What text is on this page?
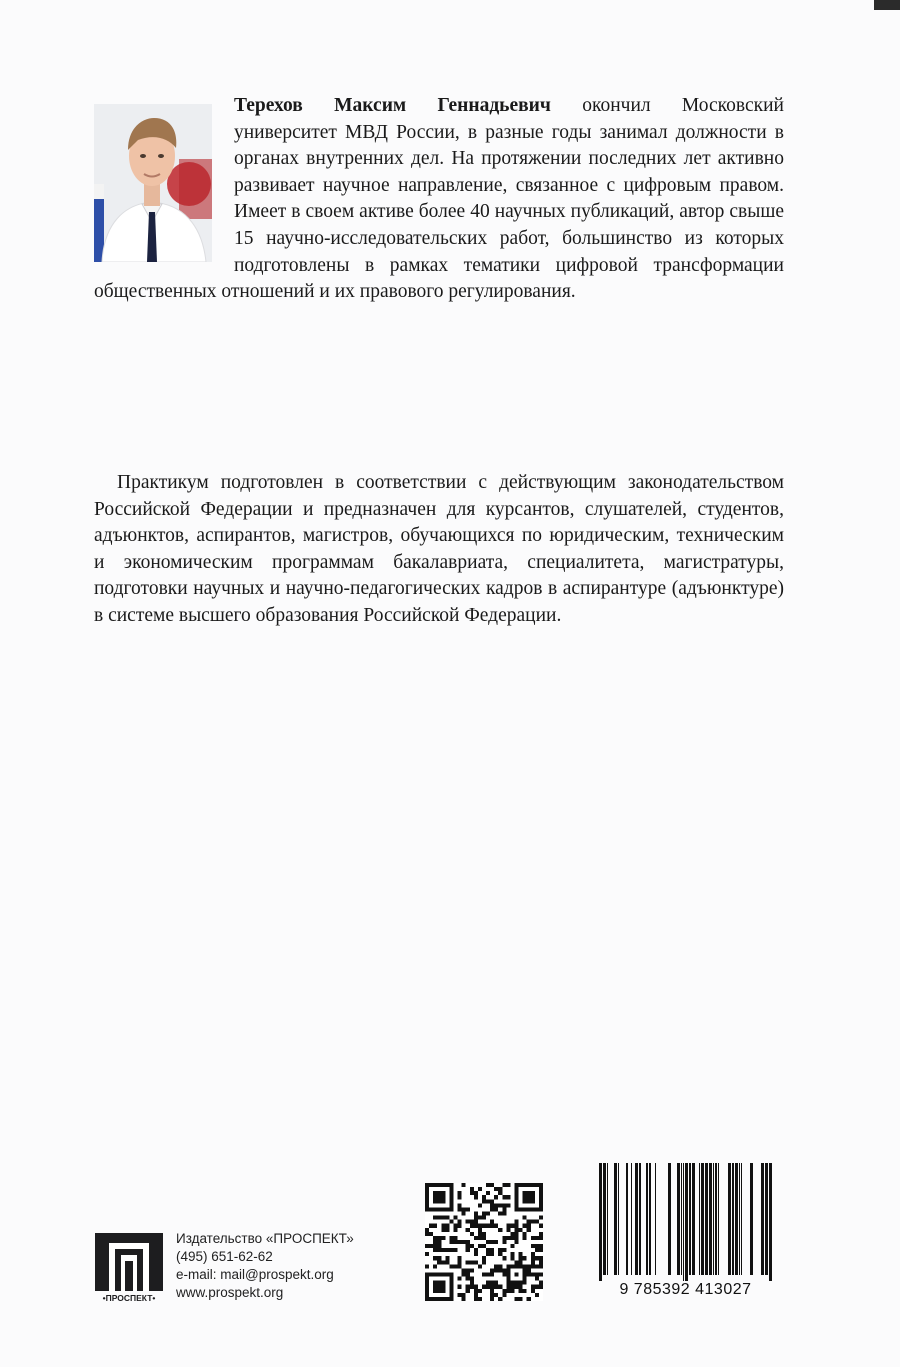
Терехов Максим Геннадьевич окончил Московский университет МВД России, в разные годы занимал должности в органах внутренних дел. На протяжении последних лет активно развивает научное направление, связанное с цифровым правом. Имеет в своем активе более 40 научных публикаций, автор свыше 15 научно-исследовательских работ, большинство из которых подготовлены в рамках тематики цифровой трансформации общественных отношений и их правового регулирования.

Практикум подготовлен в соответствии с действующим законодательством Российской Федерации и предназначен для курсантов, слушателей, студентов, адъюнктов, аспирантов, магистров, обучающихся по юридическим, техническим и экономическим программам бакалавриата, специалитета, магистратуры, подготовки научных и научно-педагогических кадров в аспирантуре (адъюнктуре) в системе высшего образования Российской Федерации.

•ПРОСПЕКТ•
Издательство «ПРОСПЕКТ»
(495) 651-62-62
e-mail: mail@prospekt.org
www.prospekt.org	9 785392 413027
